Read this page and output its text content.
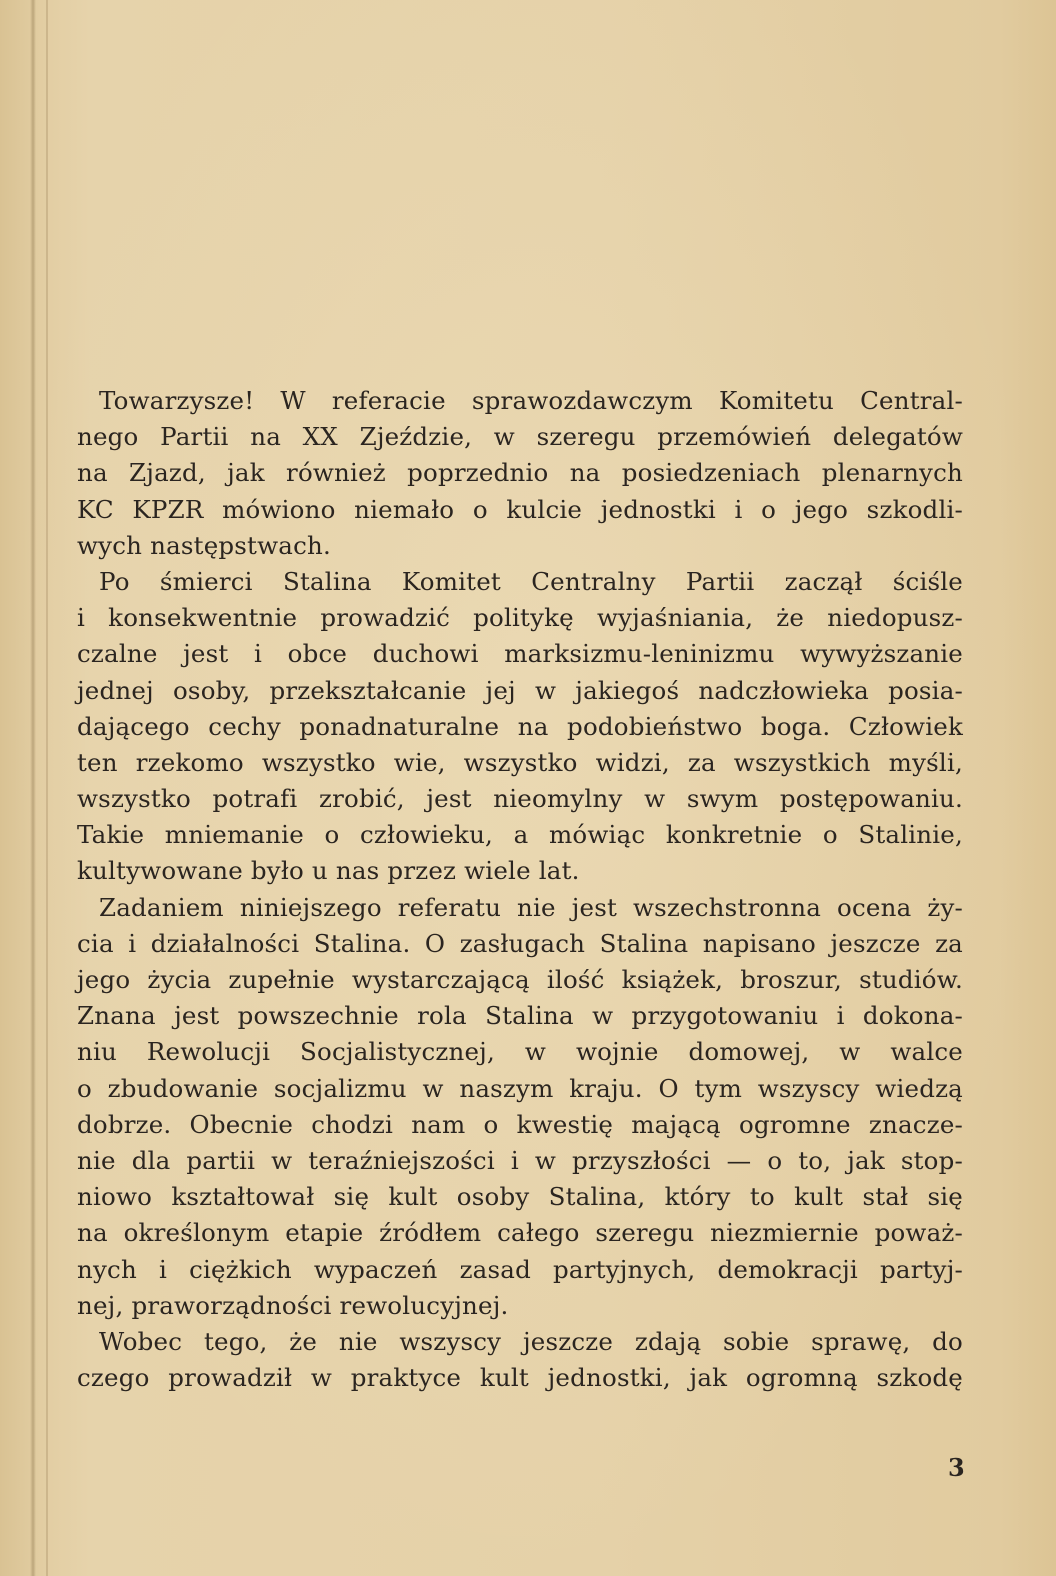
Towarzysze! W referacie sprawozdawczym Komitetu Central-
nego Partii na XX Zjeździe, w szeregu przemówień delegatów
na Zjazd, jak również poprzednio na posiedzeniach plenarnych
KC KPZR mówiono niemało o kulcie jednostki i o jego szkodli-
wych następstwach.
Po śmierci Stalina Komitet Centralny Partii zaczął ściśle
i konsekwentnie prowadzić politykę wyjaśniania, że niedopusz-
czalne jest i obce duchowi marksizmu-leninizmu wywyższanie
jednej osoby, przekształcanie jej w jakiegoś nadczłowieka posia-
dającego cechy ponadnaturalne na podobieństwo boga. Człowiek
ten rzekomo wszystko wie, wszystko widzi, za wszystkich myśli,
wszystko potrafi zrobić, jest nieomylny w swym postępowaniu.
Takie mniemanie o człowieku, a mówiąc konkretnie o Stalinie,
kultywowane było u nas przez wiele lat.
Zadaniem niniejszego referatu nie jest wszechstronna ocena ży-
cia i działalności Stalina. O zasługach Stalina napisano jeszcze za
jego życia zupełnie wystarczającą ilość książek, broszur, studiów.
Znana jest powszechnie rola Stalina w przygotowaniu i dokona-
niu Rewolucji Socjalistycznej, w wojnie domowej, w walce
o zbudowanie socjalizmu w naszym kraju. O tym wszyscy wiedzą
dobrze. Obecnie chodzi nam o kwestię mającą ogromne znacze-
nie dla partii w teraźniejszości i w przyszłości — o to, jak stop-
niowo kształtował się kult osoby Stalina, który to kult stał się
na określonym etapie źródłem całego szeregu niezmiernie poważ-
nych i ciężkich wypaczeń zasad partyjnych, demokracji partyj-
nej, praworządności rewolucyjnej.
Wobec tego, że nie wszyscy jeszcze zdają sobie sprawę, do
czego prowadził w praktyce kult jednostki, jak ogromną szkodę
3
